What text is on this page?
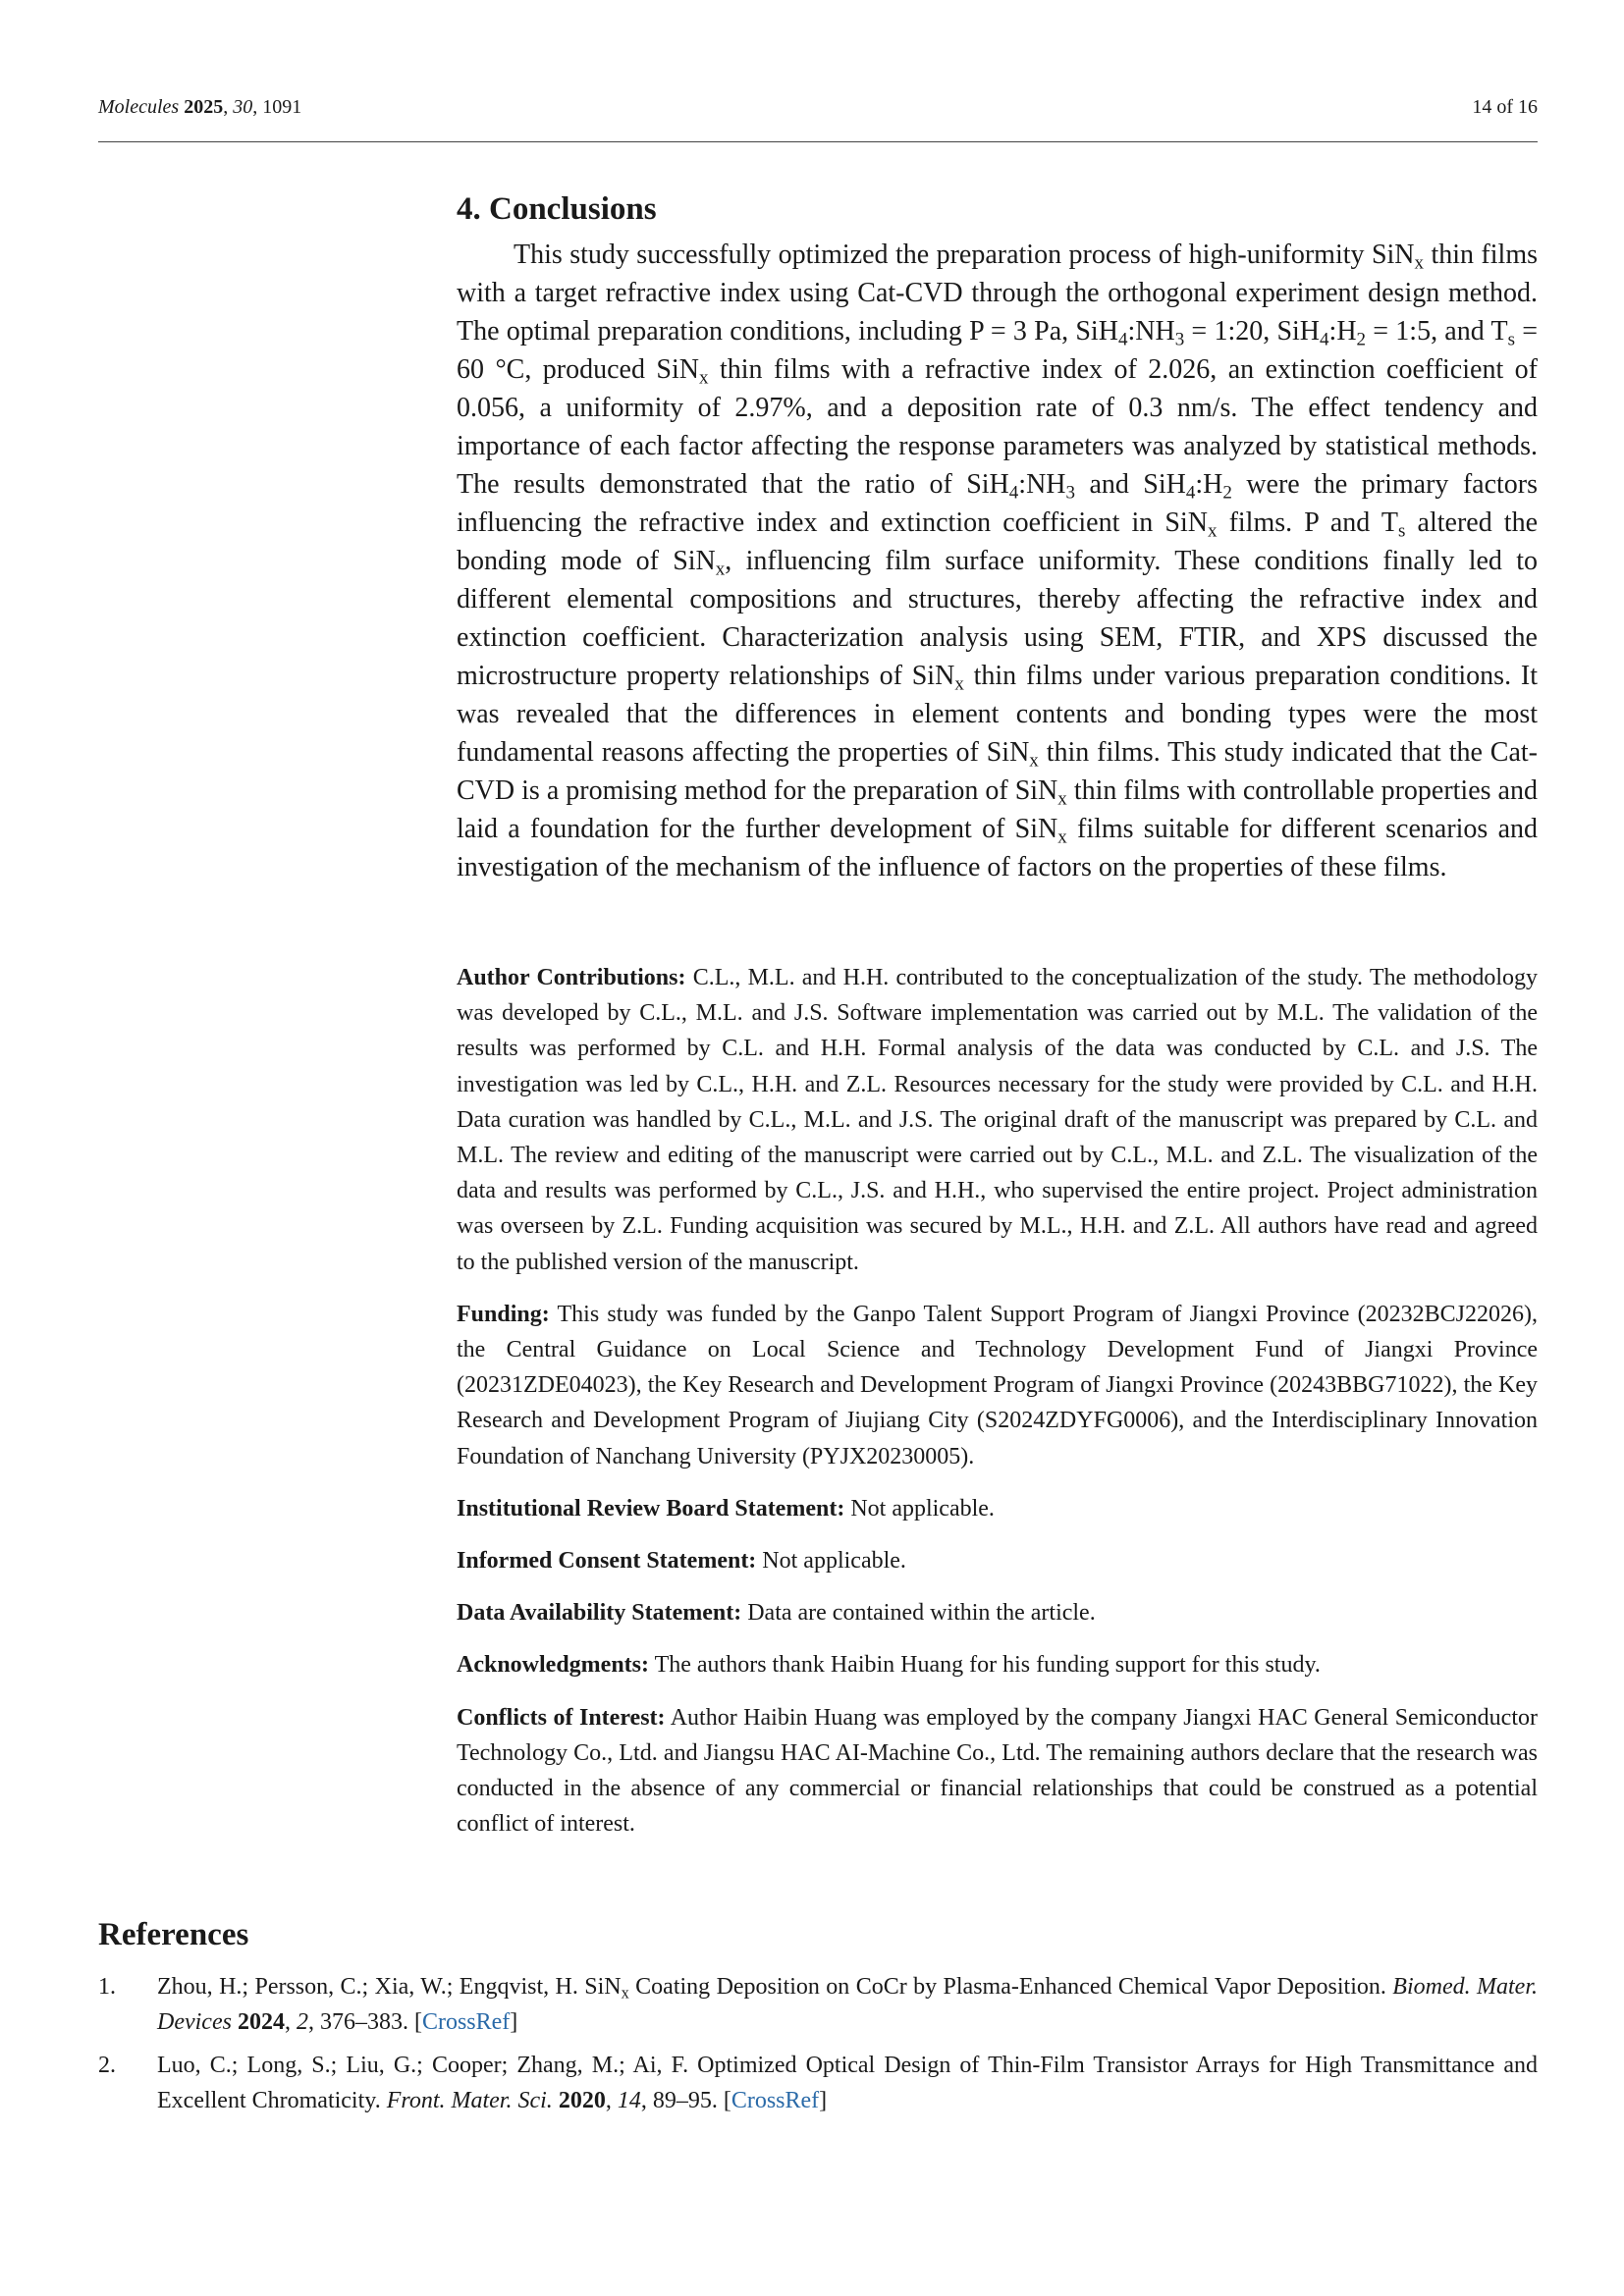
Molecules 2025, 30, 1091	14 of 16
4. Conclusions

This study successfully optimized the preparation process of high-uniformity SiN$_x$ thin films with a target refractive index using Cat-CVD through the orthogonal experiment design method. The optimal preparation conditions, including P = 3 Pa, $SiH_4:NH_3$ = 1:20, $SiH_4:H_2$ = 1:5, and $T_s = 60$ °C, produced SiN$_x$ thin films with a refractive index of 2.026, an extinction coefficient of 0.056, a uniformity of 2.97%, and a deposition rate of 0.3 nm/s. The effect tendency and importance of each factor affecting the response parameters was analyzed by statistical methods. The results demonstrated that the ratio of $SiH_4:NH_3$ and $SiH_4:H_2$ were the primary factors influencing the refractive index and extinction coefficient in SiN$_x$ films. P and $T_s$ altered the bonding mode of SiN$_x$, influencing film surface uniformity. These conditions finally led to different elemental compositions and structures, thereby affecting the refractive index and extinction coefficient. Characterization analysis using SEM, FTIR, and XPS discussed the microstructure property relationships of SiN$_x$ thin films under various preparation conditions. It was revealed that the differences in element contents and bonding types were the most fundamental reasons affecting the properties of SiN$_x$ thin films. This study indicated that the Cat-CVD is a promising method for the preparation of SiN$_x$ thin films with controllable properties and laid a foundation for the further development of SiN$_x$ films suitable for different scenarios and investigation of the mechanism of the influence of factors on the properties of these films.

Author Contributions: C.L., M.L. and H.H. contributed to the conceptualization of the study. The methodology was developed by C.L., M.L. and J.S. Software implementation was carried out by M.L. The validation of the results was performed by C.L. and H.H. Formal analysis of the data was conducted by C.L. and J.S. The investigation was led by C.L., H.H. and Z.L. Resources necessary for the study were provided by C.L. and H.H. Data curation was handled by C.L., M.L. and J.S. The original draft of the manuscript was prepared by C.L. and M.L. The review and editing of the manuscript were carried out by C.L., M.L. and Z.L. The visualization of the data and results was performed by C.L., J.S. and H.H., who supervised the entire project. Project administration was overseen by Z.L. Funding acquisition was secured by M.L., H.H. and Z.L. All authors have read and agreed to the published version of the manuscript.

Funding: This study was funded by the Ganpo Talent Support Program of Jiangxi Province (20232BCJ22026), the Central Guidance on Local Science and Technology Development Fund of Jiangxi Province (20231ZDE04023), the Key Research and Development Program of Jiangxi Province (20243BBG71022), the Key Research and Development Program of Jiujiang City (S2024ZDYFG0006), and the Interdisciplinary Innovation Foundation of Nanchang University (PYJX20230005).

Institutional Review Board Statement: Not applicable.

Informed Consent Statement: Not applicable.

Data Availability Statement: Data are contained within the article.

Acknowledgments: The authors thank Haibin Huang for his funding support for this study.

Conflicts of Interest: Author Haibin Huang was employed by the company Jiangxi HAC General Semiconductor Technology Co., Ltd. and Jiangsu HAC AI-Machine Co., Ltd. The remaining authors declare that the research was conducted in the absence of any commercial or financial relationships that could be construed as a potential conflict of interest.

References
1. Zhou, H.; Persson, C.; Xia, W.; Engqvist, H. SiN$_x$ Coating Deposition on CoCr by Plasma-Enhanced Chemical Vapor Deposition. Biomed. Mater. Devices 2024, 2, 376–383. [CrossRef]
2. Luo, C.; Long, S.; Liu, G.; Cooper; Zhang, M.; Ai, F. Optimized Optical Design of Thin-Film Transistor Arrays for High Transmittance and Excellent Chromaticity. Front. Mater. Sci. 2020, 14, 89–95. [CrossRef]
